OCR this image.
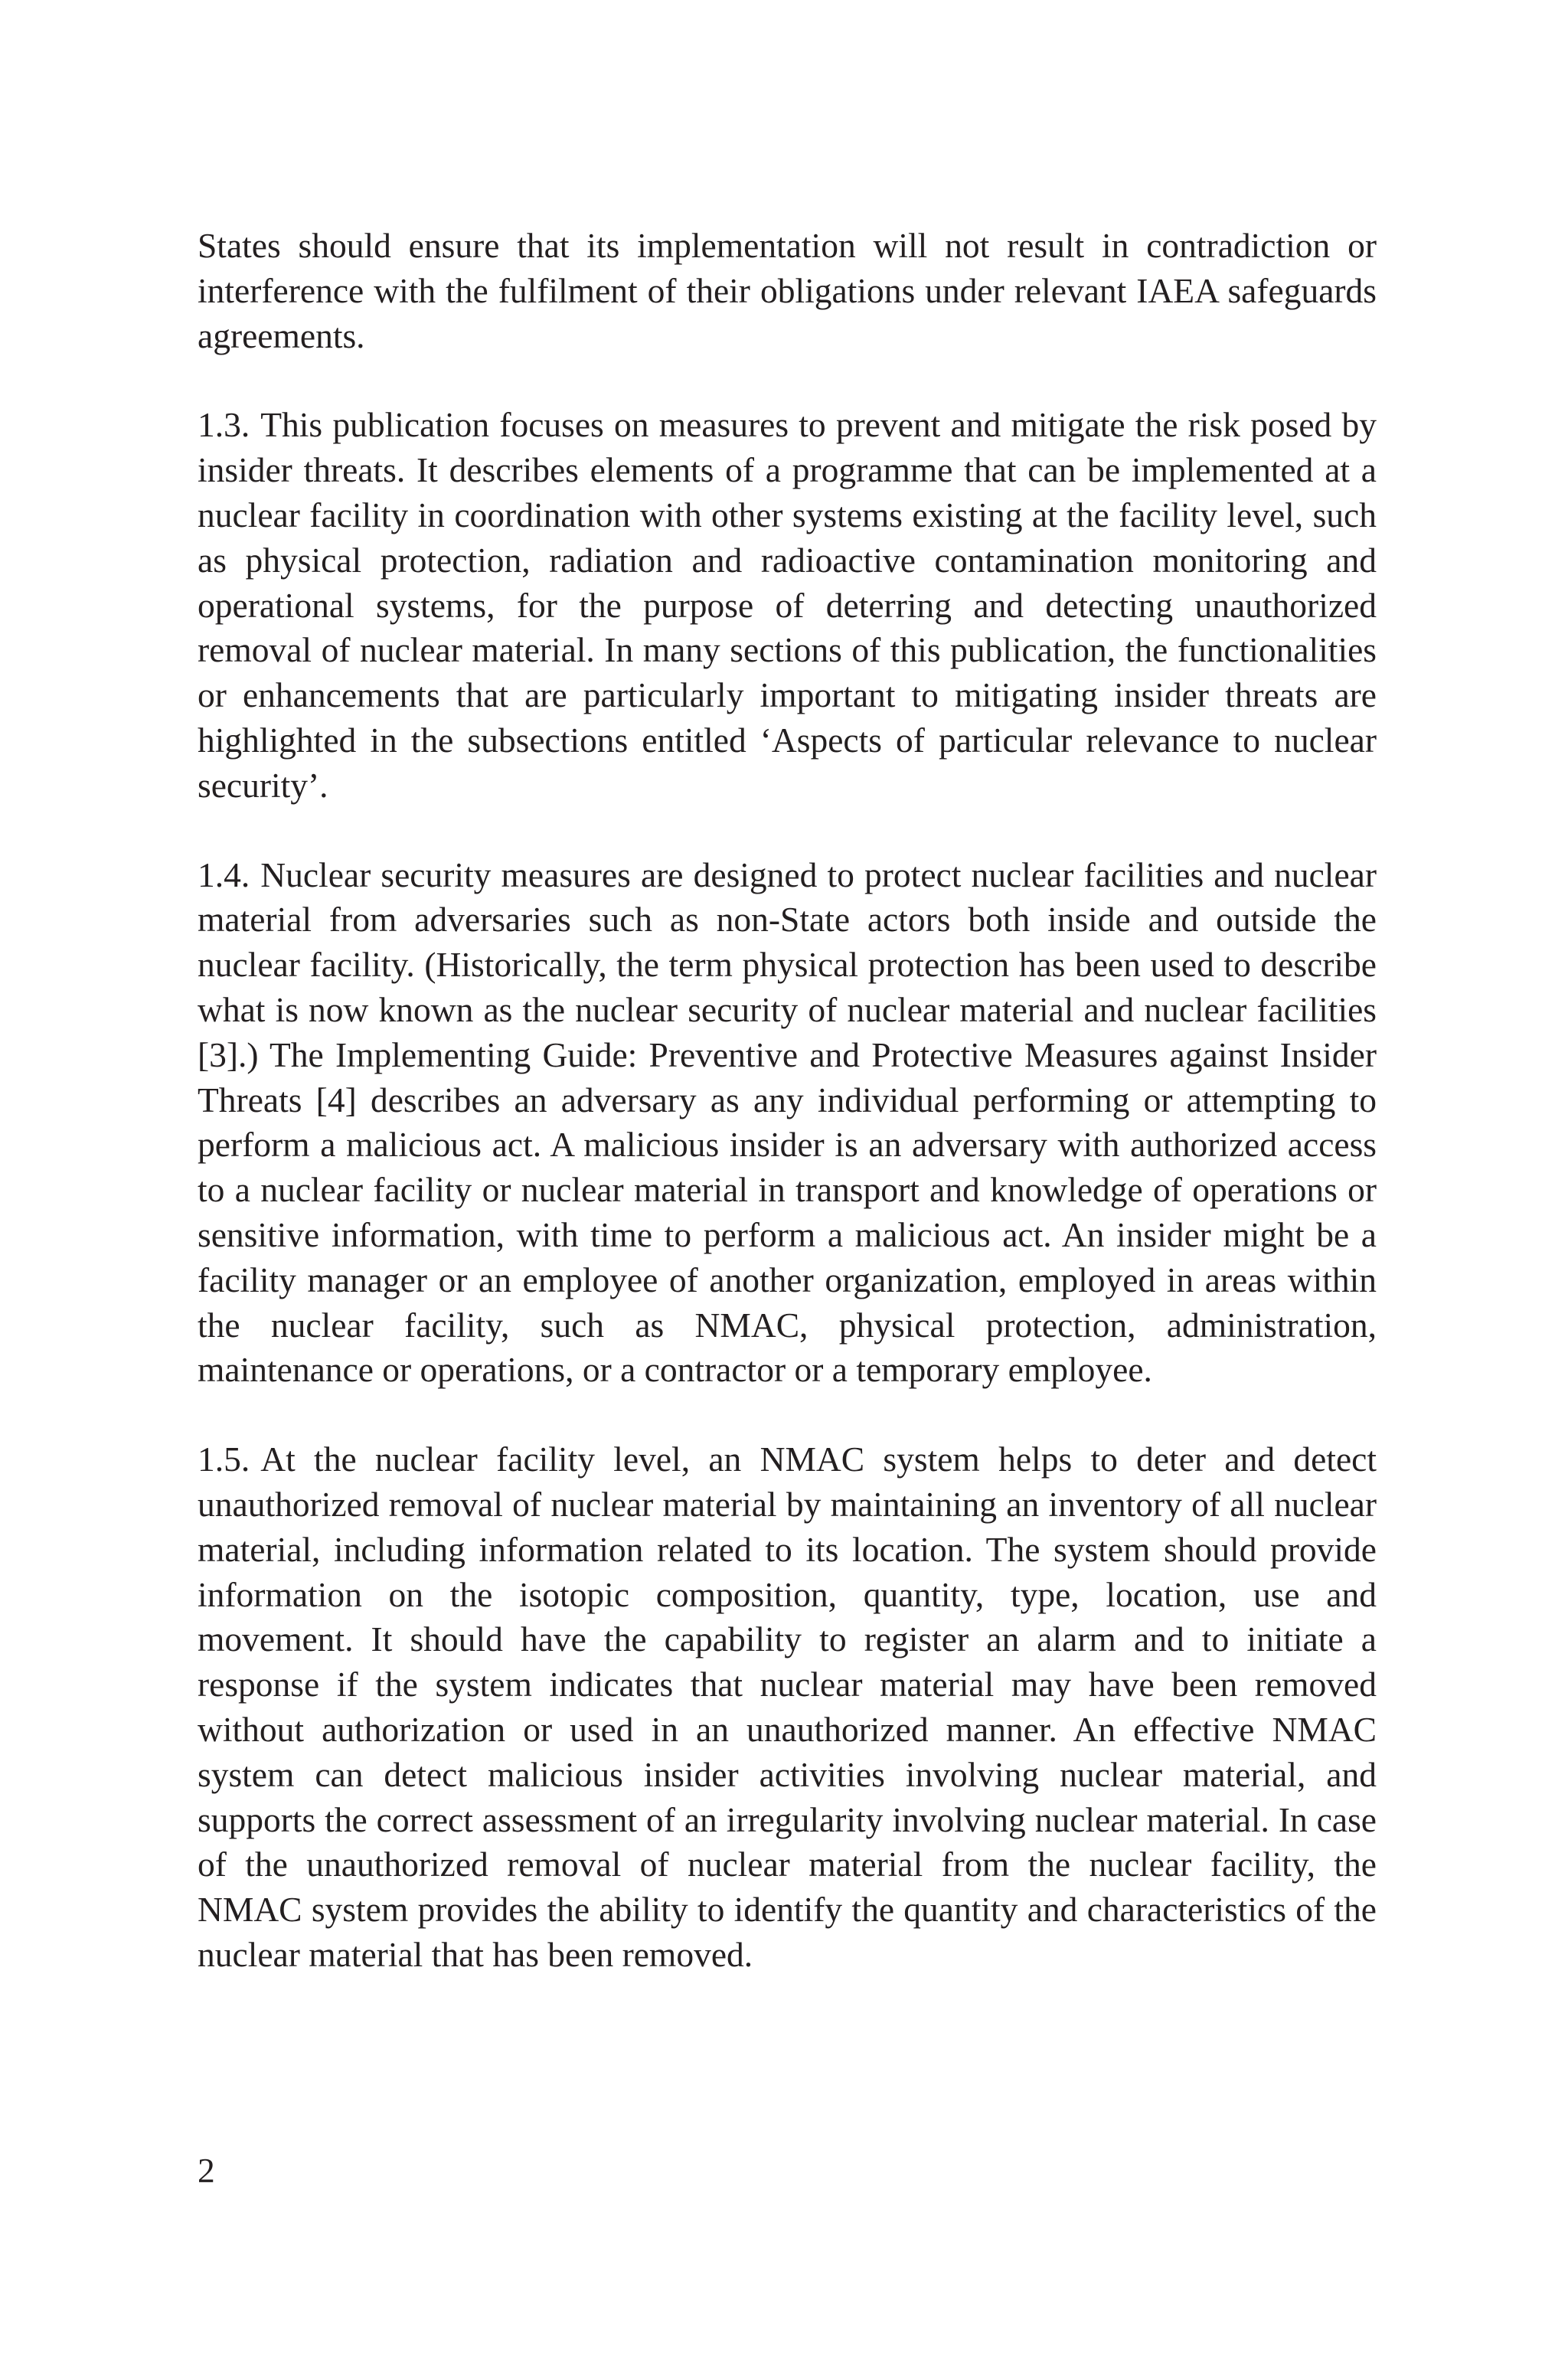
States should ensure that its implementation will not result in contradiction or interference with the fulfilment of their obligations under relevant IAEA safeguards agreements.

1.3. This publication focuses on measures to prevent and mitigate the risk posed by insider threats. It describes elements of a programme that can be implemented at a nuclear facility in coordination with other systems existing at the facility level, such as physical protection, radiation and radioactive contamination monitoring and operational systems, for the purpose of deterring and detecting unauthorized removal of nuclear material. In many sections of this publication, the functionalities or enhancements that are particularly important to mitigating insider threats are highlighted in the subsections entitled ‘Aspects of particular relevance to nuclear security’.

1.4. Nuclear security measures are designed to protect nuclear facilities and nuclear material from adversaries such as non-State actors both inside and outside the nuclear facility. (Historically, the term physical protection has been used to describe what is now known as the nuclear security of nuclear material and nuclear facilities [3].) The Implementing Guide: Preventive and Protective Measures against Insider Threats [4] describes an adversary as any individual performing or attempting to perform a malicious act. A malicious insider is an adversary with authorized access to a nuclear facility or nuclear material in transport and knowledge of operations or sensitive information, with time to perform a malicious act. An insider might be a facility manager or an employee of another organization, employed in areas within the nuclear facility, such as NMAC, physical protection, administration, maintenance or operations, or a contractor or a temporary employee.

1.5. At the nuclear facility level, an NMAC system helps to deter and detect unauthorized removal of nuclear material by maintaining an inventory of all nuclear material, including information related to its location. The system should provide information on the isotopic composition, quantity, type, location, use and movement. It should have the capability to register an alarm and to initiate a response if the system indicates that nuclear material may have been removed without authorization or used in an unauthorized manner. An effective NMAC system can detect malicious insider activities involving nuclear material, and supports the correct assessment of an irregularity involving nuclear material. In case of the unauthorized removal of nuclear material from the nuclear facility, the NMAC system provides the ability to identify the quantity and characteristics of the nuclear material that has been removed.

2
